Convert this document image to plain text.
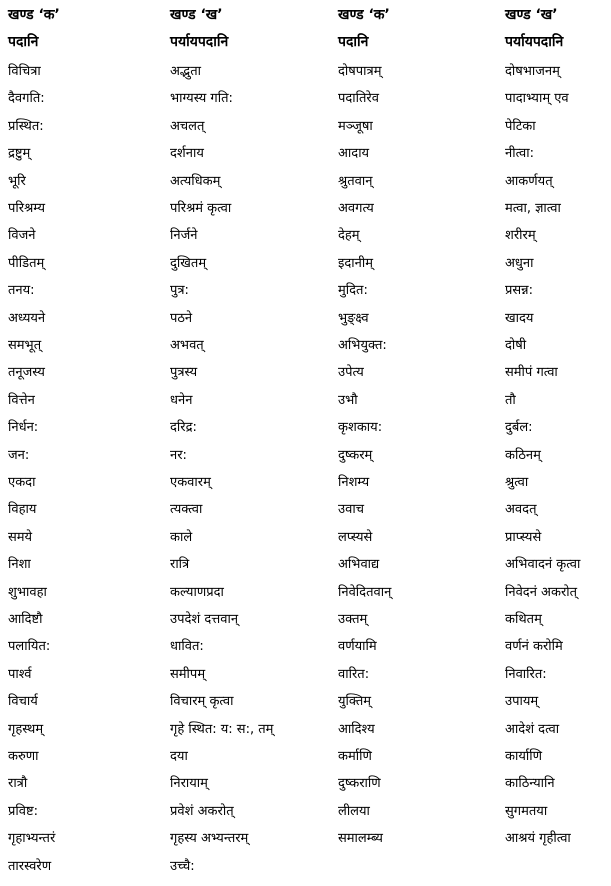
खण्ड ‘क’	खण्ड ‘ख’	खण्ड ‘क’	खण्ड ‘ख’
पदानि	पर्यायपदानि	पदानि	पर्यायपदानि
विचित्रा	अद्भुता	दोषपात्रम्	दोषभाजनम्
दैवगति:	भाग्यस्य गति:	पदातिरेव	पादाभ्याम् एव
प्रस्थित:	अचलत्	मञ्जूषा	पेटिका
द्रष्टुम्	दर्शनाय	आदाय	नीत्वा:
भूरि	अत्यधिकम्	श्रुतवान्	आकर्णयत्
परिश्रम्य	परिश्रमं कृत्वा	अवगत्य	मत्वा, ज्ञात्वा
विजने	निर्जने	देहम्	शरीरम्
पीडितम्	दुखितम्	इदानीम्	अधुना
तनय:	पुत्र:	मुदित:	प्रसन्न:
अध्ययने	पठने	भुङ्क्ष्व	खादय
समभूत्	अभवत्	अभियुक्त:	दोषी
तनूजस्य	पुत्रस्य	उपेत्य	समीपं गत्वा
वित्तेन	धनेन	उभौ	तौ
निर्धन:	दरिद्र:	कृशकाय:	दुर्बल:
जन:	नर:	दुष्करम्	कठिनम्
एकदा	एकवारम्	निशम्य	श्रुत्वा
विहाय	त्यक्त्वा	उवाच	अवदत्
समये	काले	लप्स्यसे	प्राप्स्यसे
निशा	रात्रि	अभिवाद्य	अभिवादनं कृत्वा
शुभावहा	कल्याणप्रदा	निवेदितवान्	निवेदनं अकरोत्
आदिष्टौ	उपदेशं दत्तवान्	उक्तम्	कथितम्
पलायित:	धावित:	वर्णयामि	वर्णनं करोमि
पार्श्व	समीपम्	वारित:	निवारित:
विचार्य	विचारम् कृत्वा	युक्तिम्	उपायम्
गृहस्थम्	गृहे स्थित: य: स:, तम्	आदिश्य	आदेशं दत्वा
करुणा	दया	कर्माणि	कार्याणि
रात्रौ	निरायाम्	दुष्कराणि	काठिन्यानि
प्रविष्ट:	प्रवेशं अकरोत्	लीलया	सुगमतया
गृहाभ्यन्तरं	गृहस्य अभ्यन्तरम्	समालम्ब्य	आश्रयं गृहीत्वा
तारस्वरेण	उच्चै:
